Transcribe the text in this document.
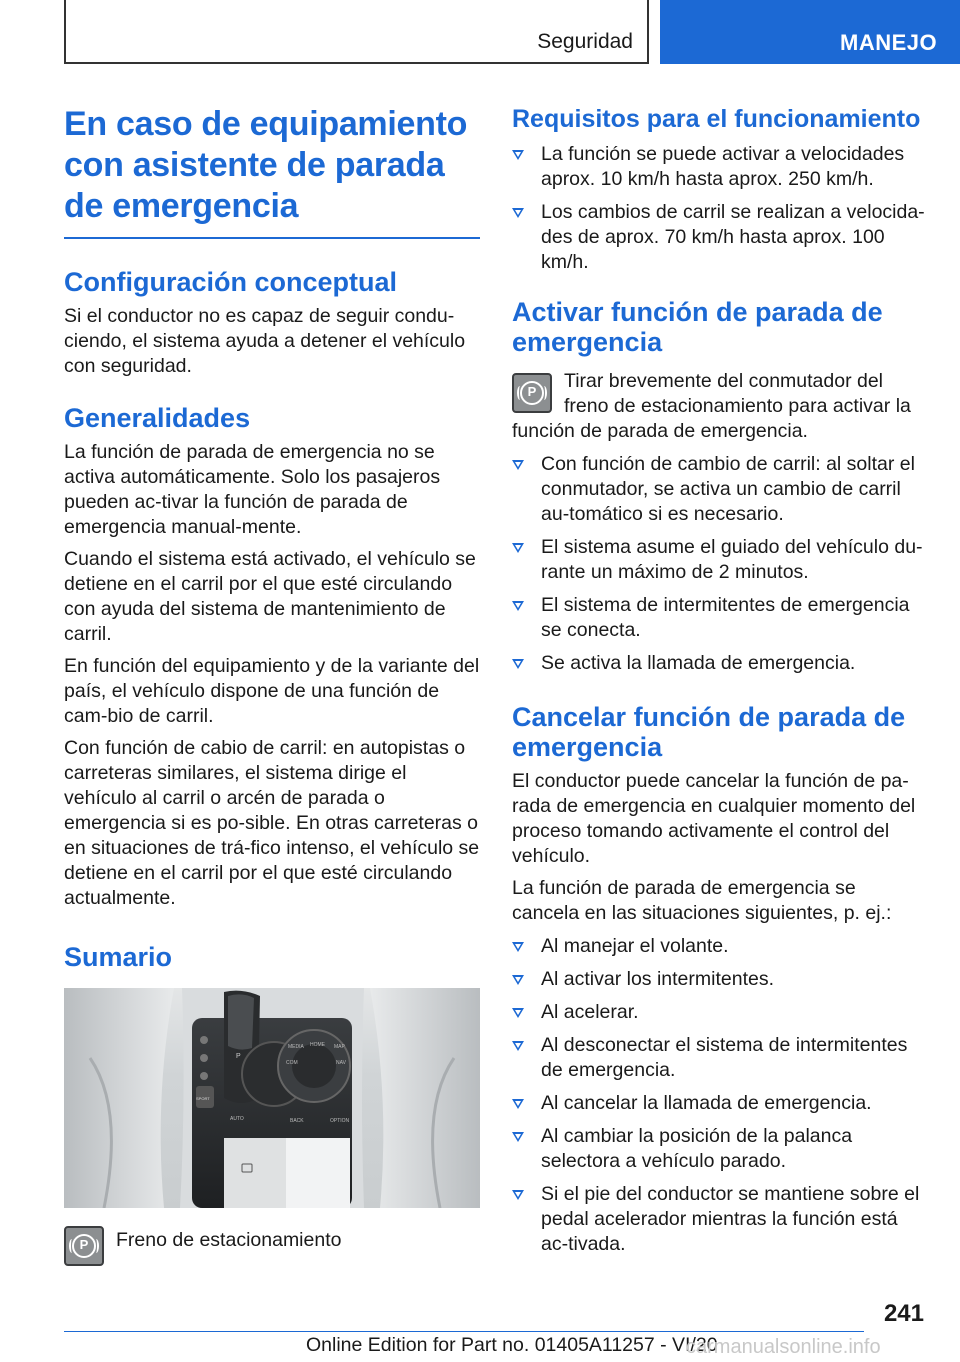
Seguridad	MANEJO
En caso de equipamiento con asistente de parada de emergencia
Configuración conceptual

Si el conductor no es capaz de seguir condu-ciendo, el sistema ayuda a detener el vehículo con seguridad.

Generalidades

La función de parada de emergencia no se activa automáticamente. Solo los pasajeros pueden ac-tivar la función de parada de emergencia manual-mente.

Cuando el sistema está activado, el vehículo se detiene en el carril por el que esté circulando con ayuda del sistema de mantenimiento de carril.

En función del equipamiento y de la variante del país, el vehículo dispone de una función de cam-bio de carril.

Con función de cabio de carril: en autopistas o carreteras similares, el sistema dirige el vehículo al carril o arcén de parada o emergencia si es po-sible. En otras carreteras o en situaciones de trá-fico intenso, el vehículo se detiene en el carril por el que esté circulando actualmente.

Sumario
MEDIA HOME MAP
COM	NAV
BACK	OPTION
AUTO
SPORT
P
P	Freno de estacionamiento
Requisitos para el funcionamiento
La función se puede activar a velocidades aprox. 10 km/h hasta aprox. 250 km/h.
Los cambios de carril se realizan a velocida-des de aprox. 70 km/h hasta aprox. 100 km/h.
Activar función de parada de emergencia
P	Tirar brevemente del conmutador del freno de estacionamiento para activar la función de parada de emergencia.

Con función de cambio de carril: al soltar el conmutador, se activa un cambio de carril au-tomático si es necesario.
El sistema asume el guiado del vehículo du-rante un máximo de 2 minutos.
El sistema de intermitentes de emergencia se conecta.
Se activa la llamada de emergencia.
Cancelar función de parada de emergencia

El conductor puede cancelar la función de pa-rada de emergencia en cualquier momento del proceso tomando activamente el control del vehículo.

La función de parada de emergencia se cancela en las situaciones siguientes, p. ej.:

Al manejar el volante.
Al activar los intermitentes.
Al acelerar.
Al desconectar el sistema de intermitentes de emergencia.
Al cancelar la llamada de emergencia.
Al cambiar la posición de la palanca selectora a vehículo parado.
Si el pie del conductor se mantiene sobre el pedal acelerador mientras la función está ac-tivada.
241
Online Edition for Part no. 01405A11257 - VI/20
carmanualsonline.info
